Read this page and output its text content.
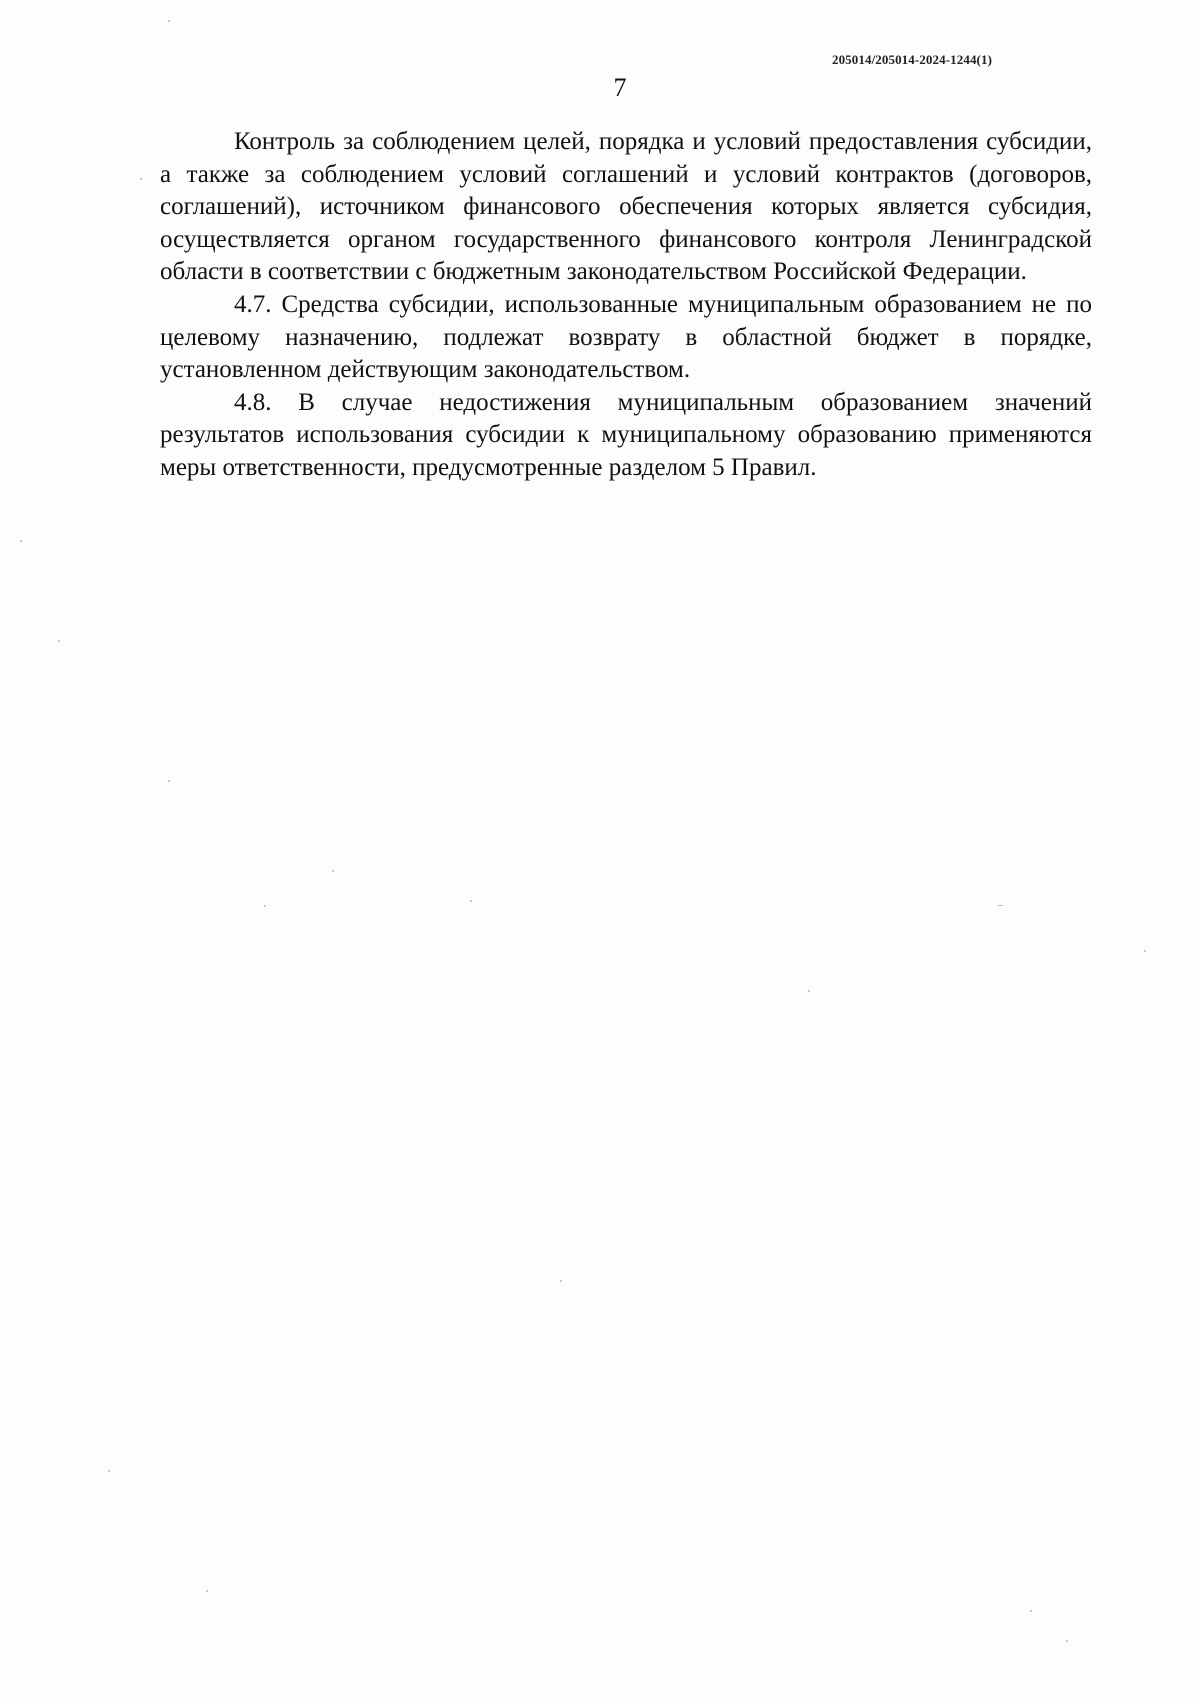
205014/205014-2024-1244(1)
7

Контроль за соблюдением целей, порядка и условий предоставления субсидии, а также за соблюдением условий соглашений и условий контрактов (договоров, соглашений), источником финансового обеспечения которых является субсидия, осуществляется органом государственного финансового контроля Ленинградской области в соответствии с бюджетным законодательством Российской Федерации.

4.7. Средства субсидии, использованные муниципальным образованием не по целевому назначению, подлежат возврату в областной бюджет в порядке, установленном действующим законодательством.

4.8. В случае недостижения муниципальным образованием значений результатов использования субсидии к муниципальному образованию применяются меры ответственности, предусмотренные разделом 5 Правил.
